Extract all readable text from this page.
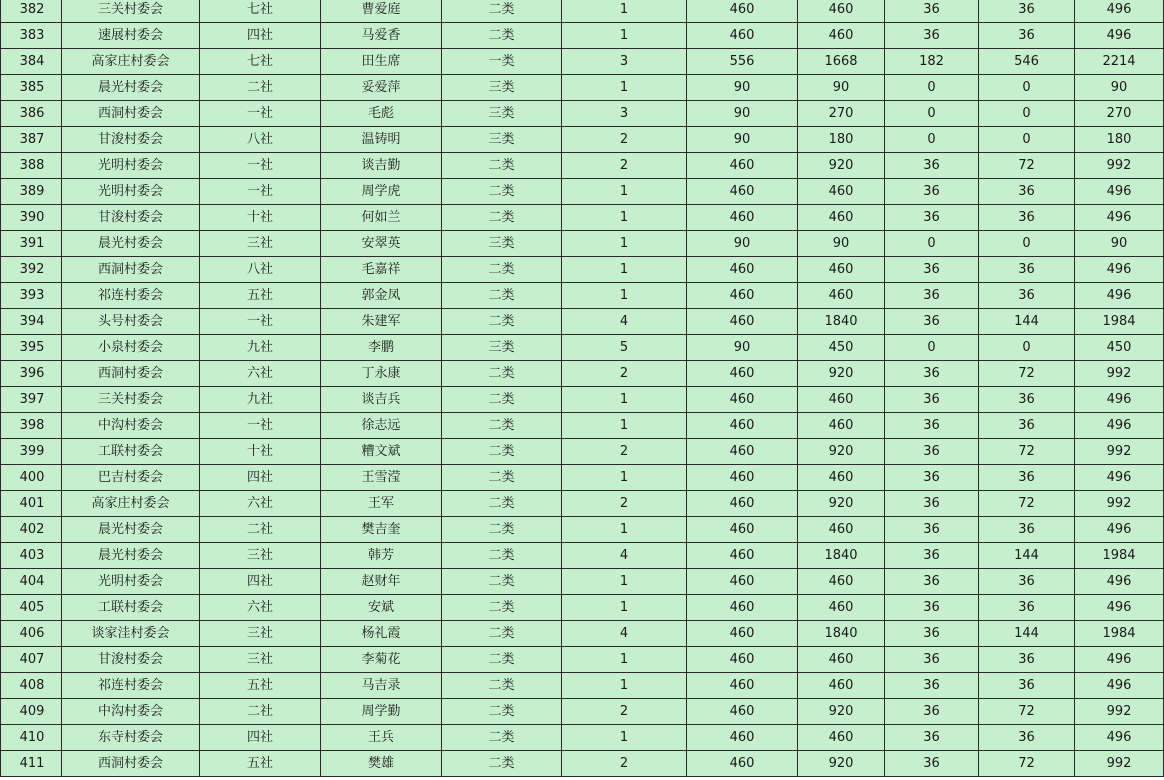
382	三关村委会	七社	曹爱庭	二类	1	460	460	36	36	496
383	速展村委会	四社	马爱香	二类	1	460	460	36	36	496
384	高家庄村委会	七社	田生席	一类	3	556	1668	182	546	2214
385	晨光村委会	二社	妥爱萍	三类	1	90	90	0	0	90
386	西洞村委会	一社	毛彪	三类	3	90	270	0	0	270
387	甘浚村委会	八社	温铸明	三类	2	90	180	0	0	180
388	光明村委会	一社	谈吉勤	二类	2	460	920	36	72	992
389	光明村委会	一社	周学虎	二类	1	460	460	36	36	496
390	甘浚村委会	十社	何如兰	二类	1	460	460	36	36	496
391	晨光村委会	三社	安翠英	三类	1	90	90	0	0	90
392	西洞村委会	八社	毛嘉祥	二类	1	460	460	36	36	496
393	祁连村委会	五社	郭金凤	二类	1	460	460	36	36	496
394	头号村委会	一社	朱建军	二类	4	460	1840	36	144	1984
395	小泉村委会	九社	李鹏	三类	5	90	450	0	0	450
396	西洞村委会	六社	丁永康	二类	2	460	920	36	72	992
397	三关村委会	九社	谈吉兵	二类	1	460	460	36	36	496
398	中沟村委会	一社	徐志远	二类	1	460	460	36	36	496
399	工联村委会	十社	糟文斌	二类	2	460	920	36	72	992
400	巴吉村委会	四社	王雪滢	二类	1	460	460	36	36	496
401	高家庄村委会	六社	王军	二类	2	460	920	36	72	992
402	晨光村委会	二社	樊吉奎	二类	1	460	460	36	36	496
403	晨光村委会	三社	韩芳	二类	4	460	1840	36	144	1984
404	光明村委会	四社	赵财年	二类	1	460	460	36	36	496
405	工联村委会	六社	安斌	二类	1	460	460	36	36	496
406	谈家洼村委会	三社	杨礼霞	二类	4	460	1840	36	144	1984
407	甘浚村委会	三社	李菊花	二类	1	460	460	36	36	496
408	祁连村委会	五社	马吉录	二类	1	460	460	36	36	496
409	中沟村委会	二社	周学勤	二类	2	460	920	36	72	992
410	东寺村委会	四社	王兵	二类	1	460	460	36	36	496
411	西洞村委会	五社	樊雄	二类	2	460	920	36	72	992
